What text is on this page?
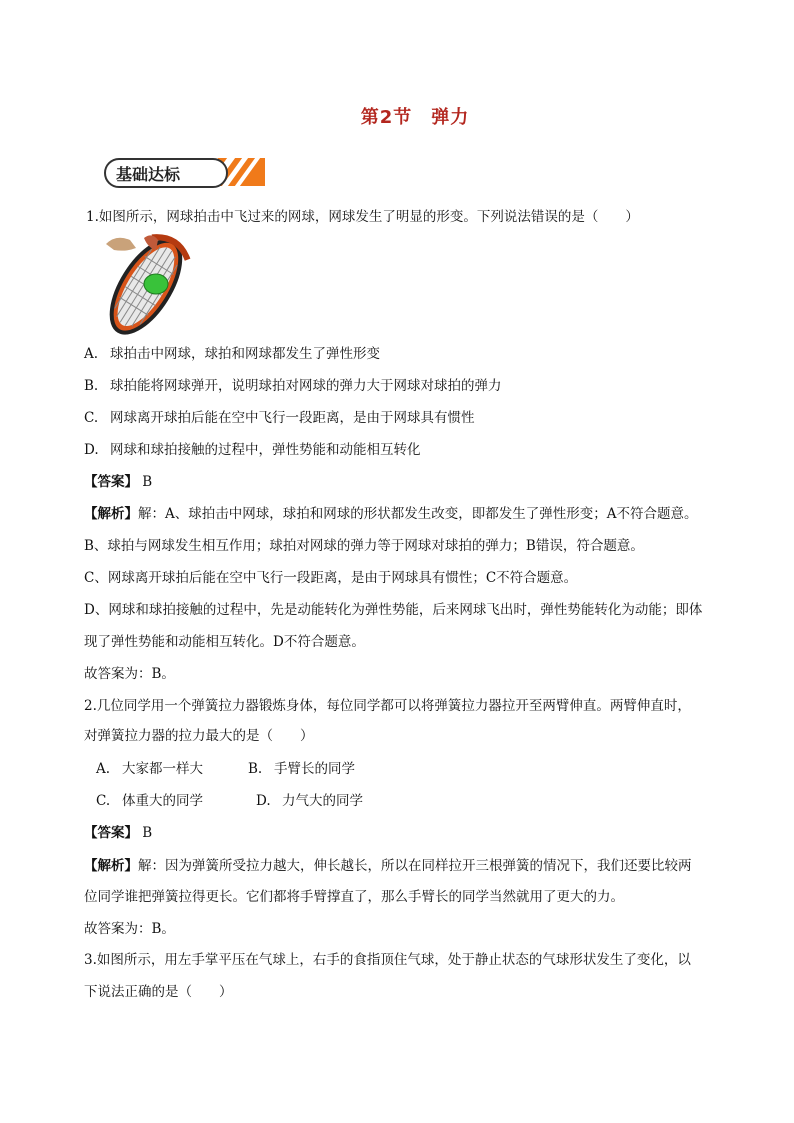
第2节　弹力
基础达标
1.如图所示，网球拍击中飞过来的网球，网球发生了明显的形变。下列说法错误的是（　　）
A. 球拍击中网球，球拍和网球都发生了弹性形变
B. 球拍能将网球弹开，说明球拍对网球的弹力大于网球对球拍的弹力
C. 网球离开球拍后能在空中飞行一段距离，是由于网球具有惯性
D. 网球和球拍接触的过程中，弹性势能和动能相互转化
【答案】 B
【解析】解：A、球拍击中网球，球拍和网球的形状都发生改变，即都发生了弹性形变；A不符合题意。
B、球拍与网球发生相互作用；球拍对网球的弹力等于网球对球拍的弹力；B错误，符合题意。
C、网球离开球拍后能在空中飞行一段距离，是由于网球具有惯性；C不符合题意。
D、网球和球拍接触的过程中，先是动能转化为弹性势能，后来网球飞出时，弹性势能转化为动能；即体
现了弹性势能和动能相互转化。D不符合题意。
故答案为：B。
2.几位同学用一个弹簧拉力器锻炼身体，每位同学都可以将弹簧拉力器拉开至两臂伸直。两臂伸直时，
对弹簧拉力器的拉力最大的是（　　）
A. 大家都一样大	B. 手臂长的同学
C. 体重大的同学	D. 力气大的同学
【答案】 B
【解析】解：因为弹簧所受拉力越大，伸长越长，所以在同样拉开三根弹簧的情况下，我们还要比较两
位同学谁把弹簧拉得更长。它们都将手臂撑直了，那么手臂长的同学当然就用了更大的力。
故答案为：B。
3.如图所示，用左手掌平压在气球上，右手的食指顶住气球，处于静止状态的气球形状发生了变化，以
下说法正确的是（　　）
